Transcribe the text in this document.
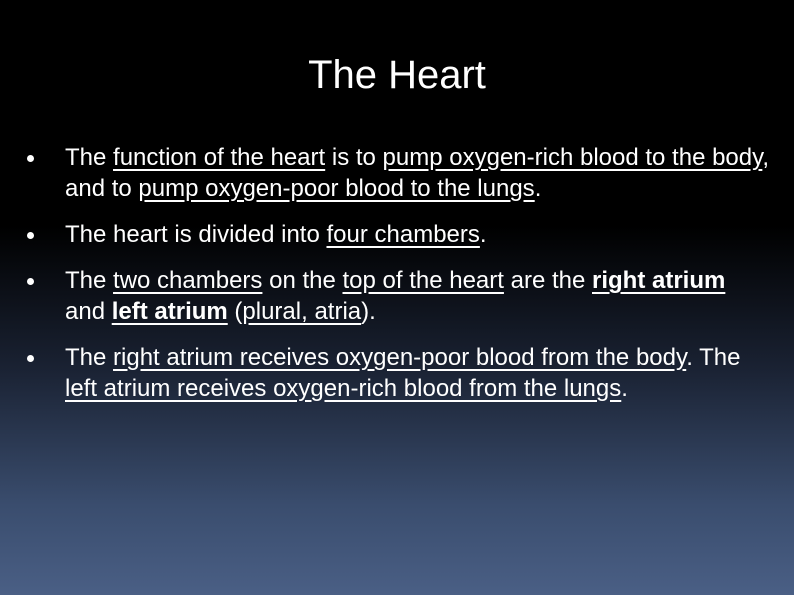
The Heart
The function of the heart is to pump oxygen-rich blood to the body, and to pump oxygen-poor blood to the lungs.
The heart is divided into four chambers.
The two chambers on the top of the heart are the right atrium and left atrium (plural, atria).
The right atrium receives oxygen-poor blood from the body. The left atrium receives oxygen-rich blood from the lungs.
